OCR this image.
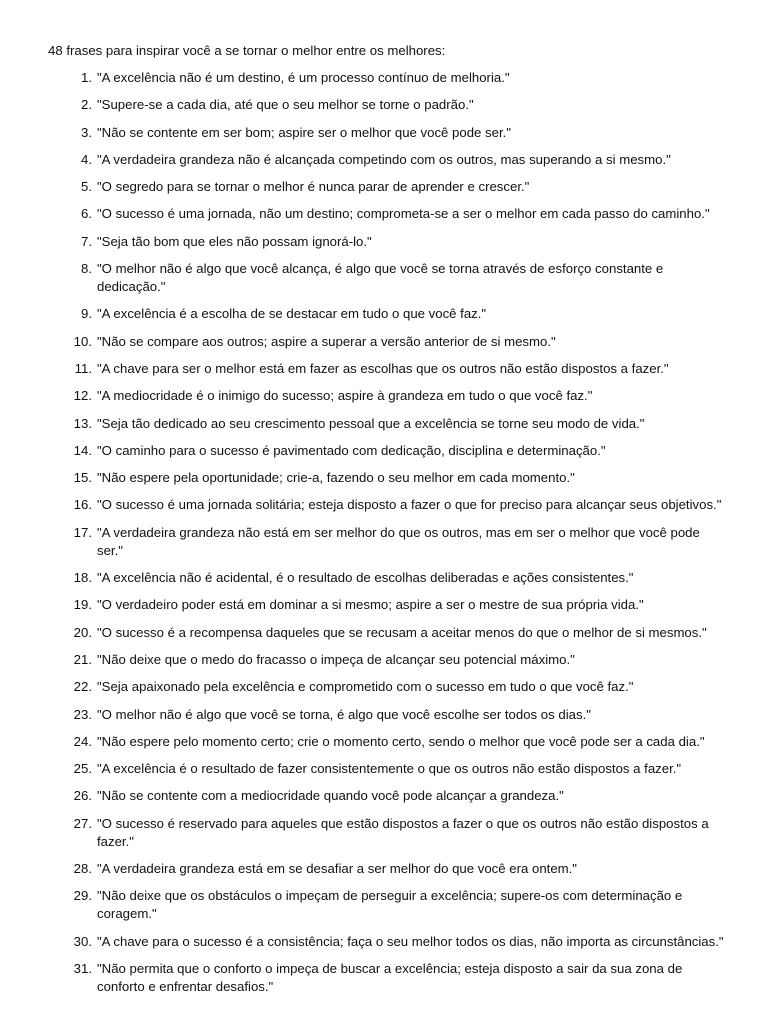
48 frases para inspirar você a se tornar o melhor entre os melhores:

1. "A excelência não é um destino, é um processo contínuo de melhoria."
2. "Supere-se a cada dia, até que o seu melhor se torne o padrão."
3. "Não se contente em ser bom; aspire ser o melhor que você pode ser."
4. "A verdadeira grandeza não é alcançada competindo com os outros, mas superando a si mesmo."
5. "O segredo para se tornar o melhor é nunca parar de aprender e crescer."
6. "O sucesso é uma jornada, não um destino; comprometa-se a ser o melhor em cada passo do caminho."
7. "Seja tão bom que eles não possam ignorá-lo."
8. "O melhor não é algo que você alcança, é algo que você se torna através de esforço constante e dedicação."
9. "A excelência é a escolha de se destacar em tudo o que você faz."
10. "Não se compare aos outros; aspire a superar a versão anterior de si mesmo."
11. "A chave para ser o melhor está em fazer as escolhas que os outros não estão dispostos a fazer."
12. "A mediocridade é o inimigo do sucesso; aspire à grandeza em tudo o que você faz."
13. "Seja tão dedicado ao seu crescimento pessoal que a excelência se torne seu modo de vida."
14. "O caminho para o sucesso é pavimentado com dedicação, disciplina e determinação."
15. "Não espere pela oportunidade; crie-a, fazendo o seu melhor em cada momento."
16. "O sucesso é uma jornada solitária; esteja disposto a fazer o que for preciso para alcançar seus objetivos."
17. "A verdadeira grandeza não está em ser melhor do que os outros, mas em ser o melhor que você pode ser."
18. "A excelência não é acidental, é o resultado de escolhas deliberadas e ações consistentes."
19. "O verdadeiro poder está em dominar a si mesmo; aspire a ser o mestre de sua própria vida."
20. "O sucesso é a recompensa daqueles que se recusam a aceitar menos do que o melhor de si mesmos."
21. "Não deixe que o medo do fracasso o impeça de alcançar seu potencial máximo."
22. "Seja apaixonado pela excelência e comprometido com o sucesso em tudo o que você faz."
23. "O melhor não é algo que você se torna, é algo que você escolhe ser todos os dias."
24. "Não espere pelo momento certo; crie o momento certo, sendo o melhor que você pode ser a cada dia."
25. "A excelência é o resultado de fazer consistentemente o que os outros não estão dispostos a fazer."
26. "Não se contente com a mediocridade quando você pode alcançar a grandeza."
27. "O sucesso é reservado para aqueles que estão dispostos a fazer o que os outros não estão dispostos a fazer."
28. "A verdadeira grandeza está em se desafiar a ser melhor do que você era ontem."
29. "Não deixe que os obstáculos o impeçam de perseguir a excelência; supere-os com determinação e coragem."
30. "A chave para o sucesso é a consistência; faça o seu melhor todos os dias, não importa as circunstâncias."
31. "Não permita que o conforto o impeça de buscar a excelência; esteja disposto a sair da sua zona de conforto e enfrentar desafios."
